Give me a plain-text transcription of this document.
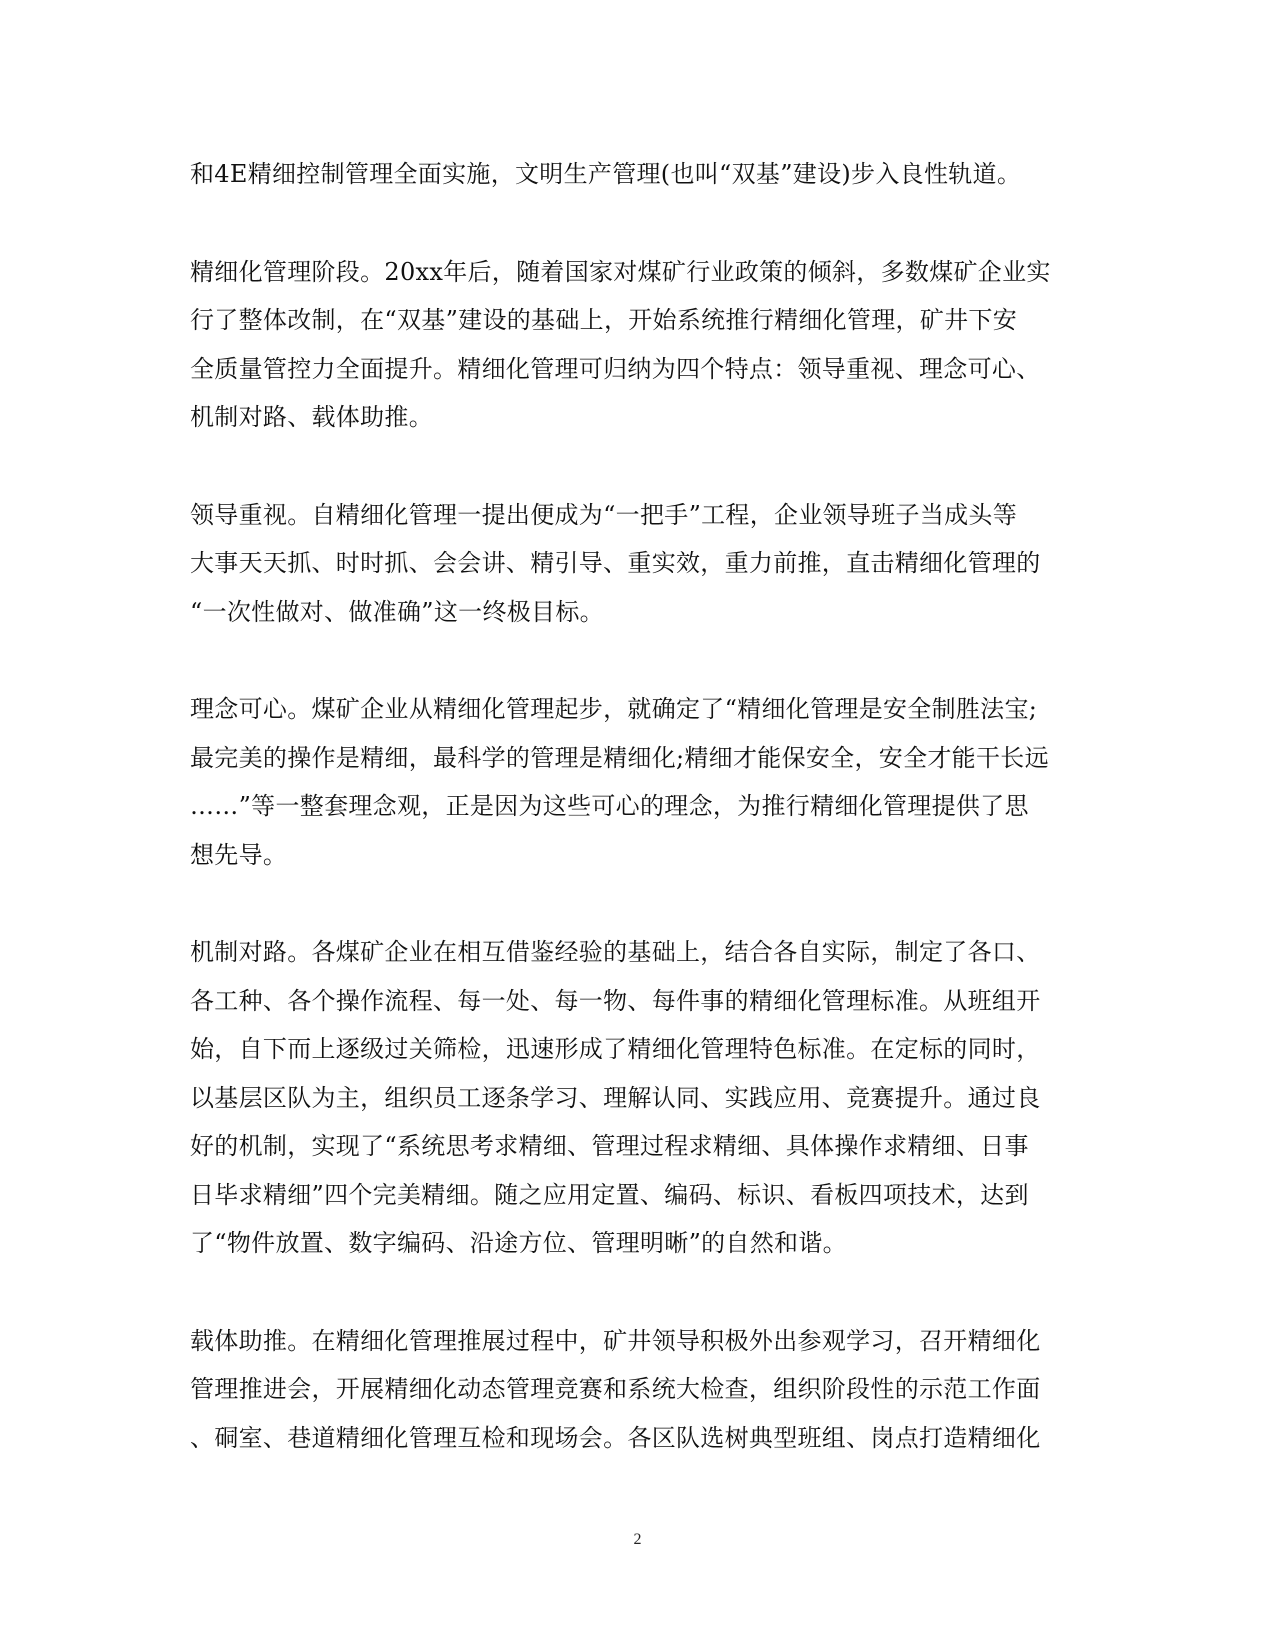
和4E精细控制管理全面实施，文明生产管理(也叫“双基”建设)步入良性轨道。

精细化管理阶段。20xx年后，随着国家对煤矿行业政策的倾斜，多数煤矿企业实
行了整体改制，在“双基”建设的基础上，开始系统推行精细化管理，矿井下安
全质量管控力全面提升。精细化管理可归纳为四个特点：领导重视、理念可心、
机制对路、载体助推。

领导重视。自精细化管理一提出便成为“一把手”工程，企业领导班子当成头等
大事天天抓、时时抓、会会讲、精引导、重实效，重力前推，直击精细化管理的
“一次性做对、做准确”这一终极目标。

理念可心。煤矿企业从精细化管理起步，就确定了“精细化管理是安全制胜法宝;
最完美的操作是精细，最科学的管理是精细化;精细才能保安全，安全才能干长远
……”等一整套理念观，正是因为这些可心的理念，为推行精细化管理提供了思
想先导。

机制对路。各煤矿企业在相互借鉴经验的基础上，结合各自实际，制定了各口、
各工种、各个操作流程、每一处、每一物、每件事的精细化管理标准。从班组开
始，自下而上逐级过关筛检，迅速形成了精细化管理特色标准。在定标的同时，
以基层区队为主，组织员工逐条学习、理解认同、实践应用、竞赛提升。通过良
好的机制，实现了“系统思考求精细、管理过程求精细、具体操作求精细、日事
日毕求精细”四个完美精细。随之应用定置、编码、标识、看板四项技术，达到
了“物件放置、数字编码、沿途方位、管理明晰”的自然和谐。

载体助推。在精细化管理推展过程中，矿井领导积极外出参观学习，召开精细化
管理推进会，开展精细化动态管理竞赛和系统大检查，组织阶段性的示范工作面
、硐室、巷道精细化管理互检和现场会。各区队选树典型班组、岗点打造精细化

2
